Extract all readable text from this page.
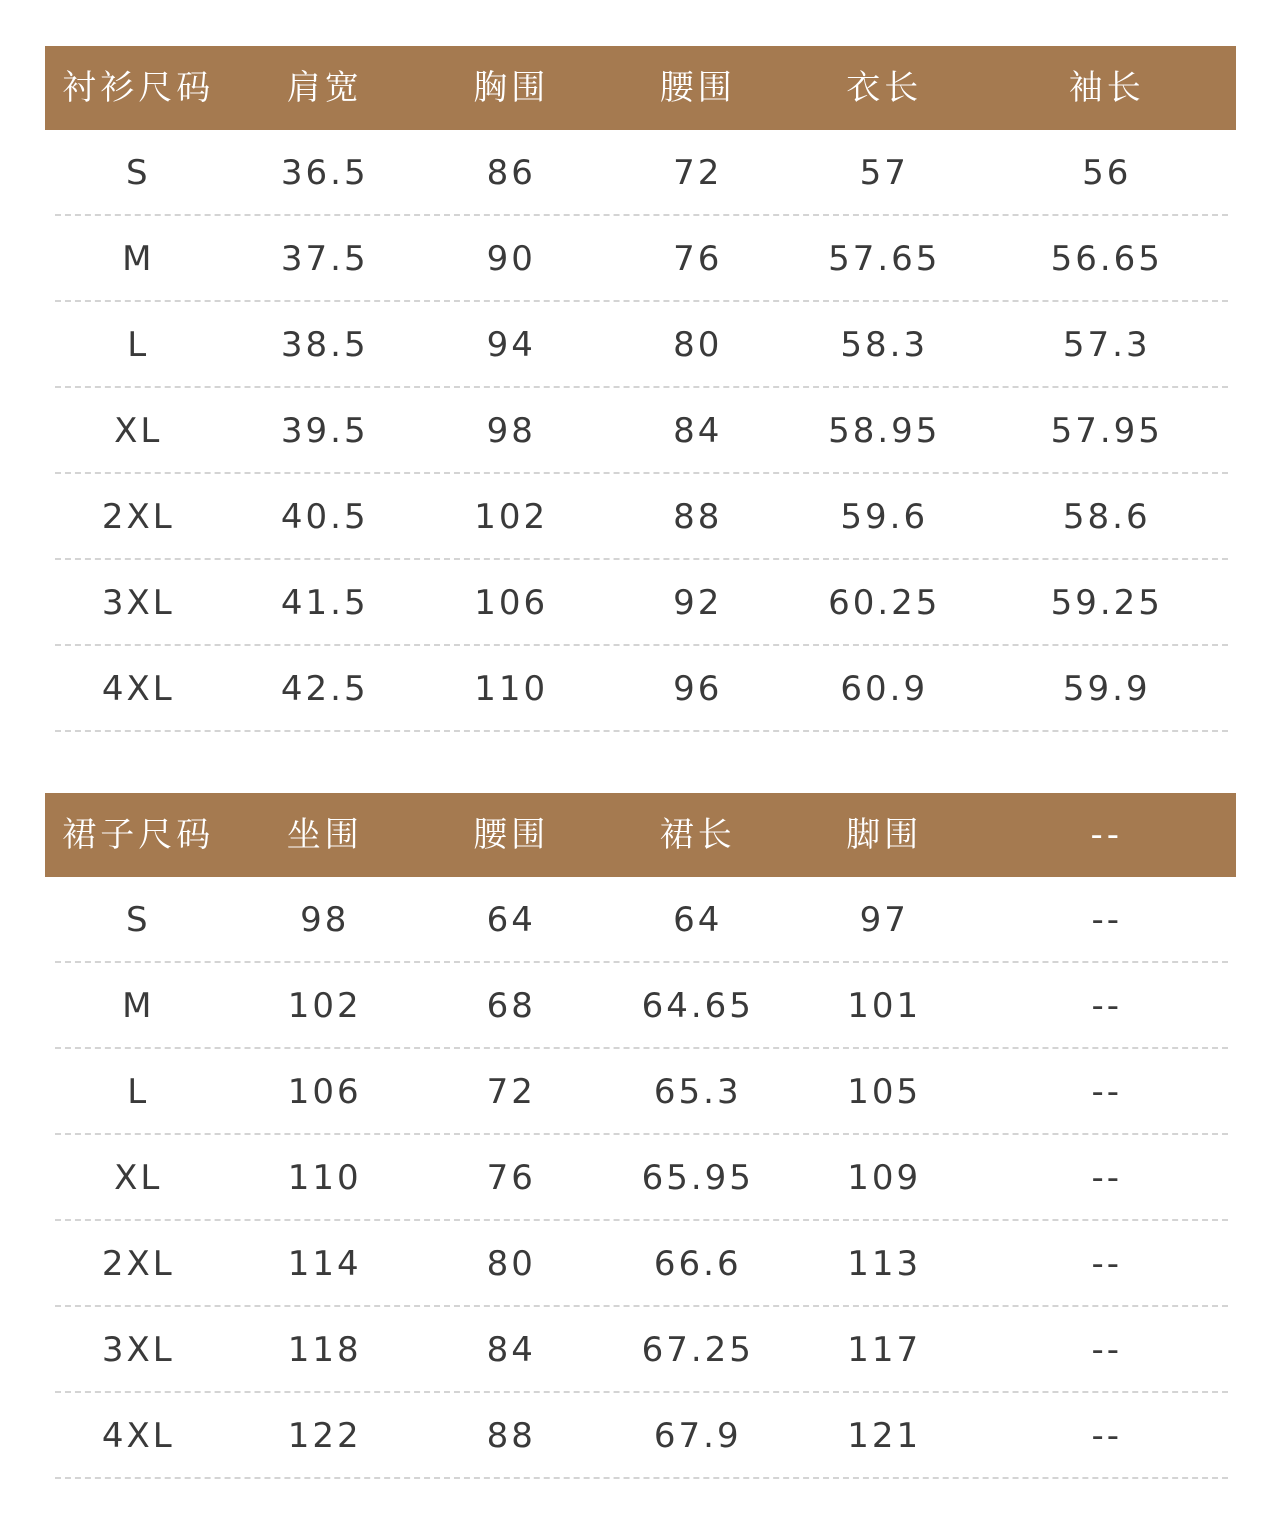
衬衫尺码	肩宽	胸围	腰围	衣长	袖长
S	36.5	86	72	57	56
M	37.5	90	76	57.65	56.65
L	38.5	94	80	58.3	57.3
XL	39.5	98	84	58.95	57.95
2XL	40.5	102	88	59.6	58.6
3XL	41.5	106	92	60.25	59.25
4XL	42.5	110	96	60.9	59.9
裙子尺码	坐围	腰围	裙长	脚围	--
S	98	64	64	97	--
M	102	68	64.65	101	--
L	106	72	65.3	105	--
XL	110	76	65.95	109	--
2XL	114	80	66.6	113	--
3XL	118	84	67.25	117	--
4XL	122	88	67.9	121	--
